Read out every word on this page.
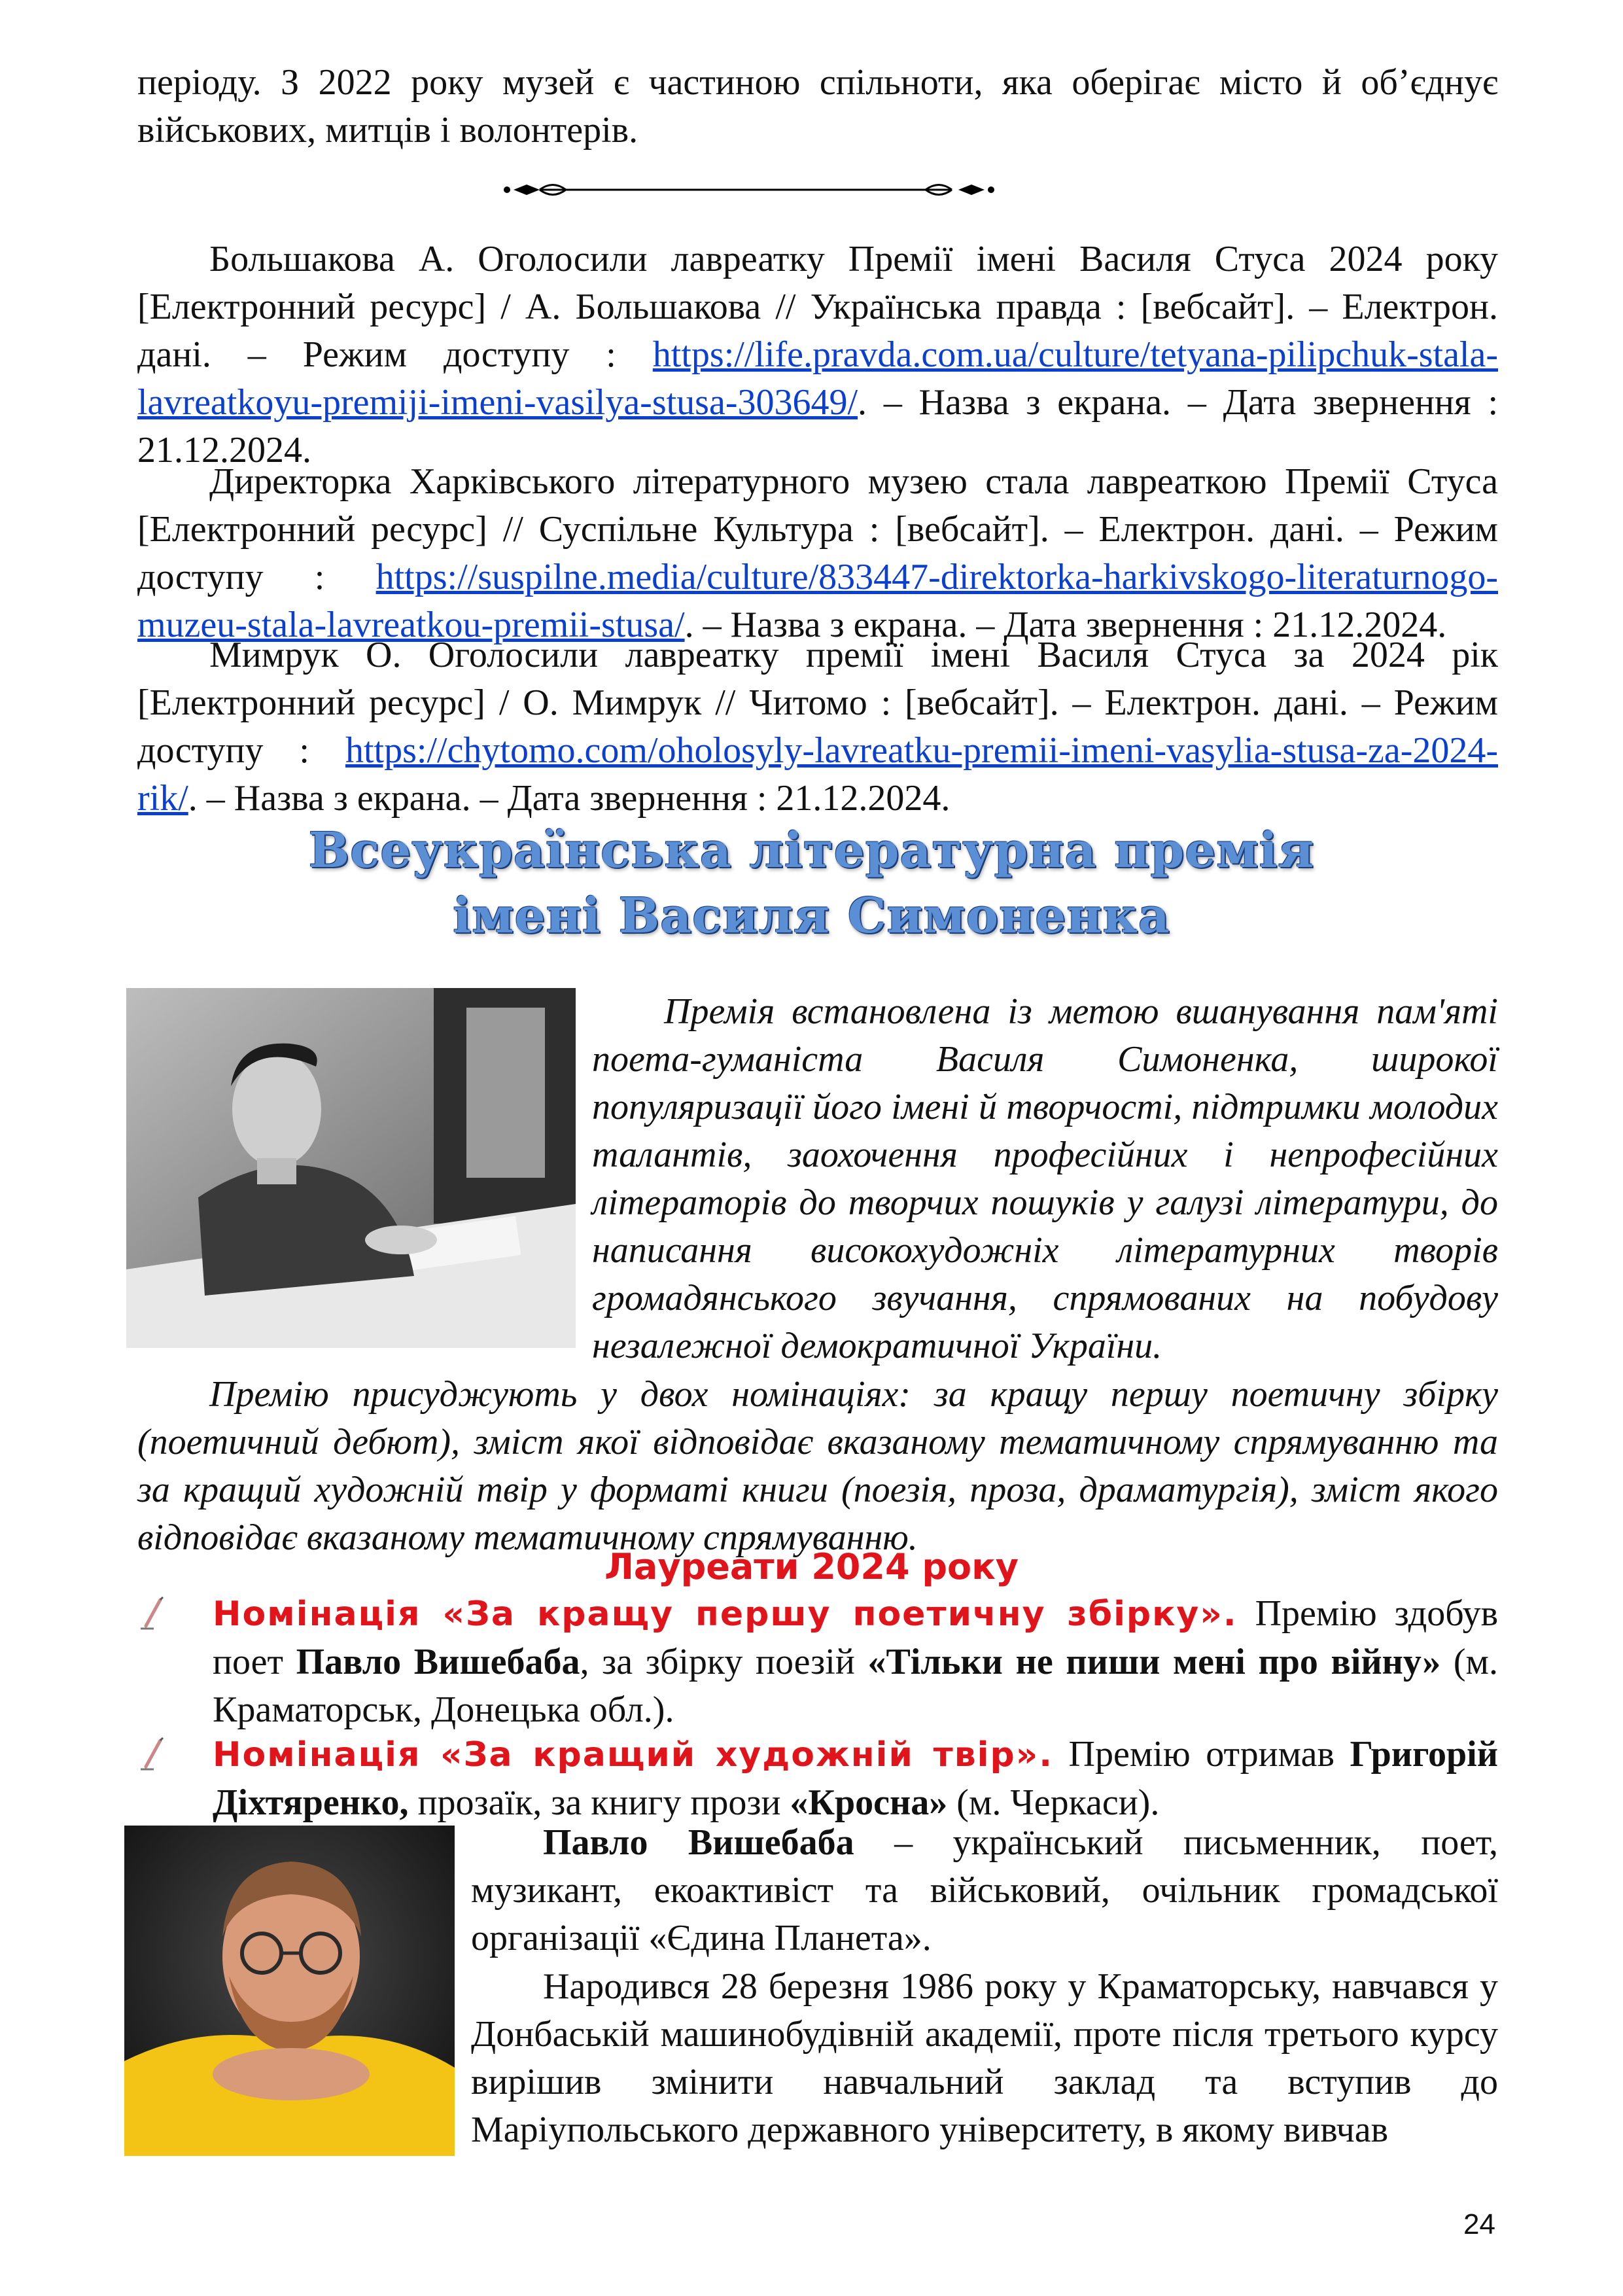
періоду. З 2022 року музей є частиною спільноти, яка оберігає місто й об’єднує військових, митців і волонтерів.
Большакова А. Оголосили лавреатку Премії імені Василя Стуса 2024 року [Електронний ресурс] / А. Большакова // Українська правда : [вебсайт]. – Електрон. дані. – Режим доступу : https://life.pravda.com.ua/culture/tetyana-pilipchuk-stala-lavreatkoyu-premiji-imeni-vasilya-stusa-303649/. – Назва з екрана. – Дата звернення : 21.12.2024.
Директорка Харківського літературного музею стала лавреаткою Премії Стуса [Електронний ресурс] // Суспільне Культура : [вебсайт]. – Електрон. дані. – Режим доступу : https://suspilne.media/culture/833447-direktorka-harkivskogo-literaturnogo-muzeu-stala-lavreatkou-premii-stusa/. – Назва з екрана. – Дата звернення : 21.12.2024.
Мимрук О. Оголосили лавреатку премії імені Василя Стуса за 2024 рік [Електронний ресурс] / О. Мимрук // Читомо : [вебсайт]. – Електрон. дані. – Режим доступу : https://chytomo.com/oholosyly-lavreatku-premii-imeni-vasylia-stusa-za-2024-rik/. – Назва з екрана. – Дата звернення : 21.12.2024.
Всеукраїнська літературна премія
імені Василя Симоненка
Премія встановлена із метою вшанування пам'яті поета-гуманіста Василя Симоненка, широкої популяризації його імені й творчості, підтримки молодих талантів, заохочення професійних і непрофесійних літераторів до творчих пошуків у галузі літератури, до написання високохудожніх літературних творів громадянського звучання, спрямованих на побудову незалежної демократичної України.
Премію присуджують у двох номінаціях: за кращу першу поетичну збірку (поетичний дебют), зміст якої відповідає вказаному тематичному спрямуванню та за кращий художній твір у форматі книги (поезія, проза, драматургія), зміст якого відповідає вказаному тематичному спрямуванню.
Лауреати 2024 року
Номінація «За кращу першу поетичну збірку». Премію здобув поет Павло Вишебаба, за збірку поезій «Тільки не пиши мені про війну» (м. Краматорськ, Донецька обл.).
Номінація «За кращий художній твір». Премію отримав Григорій Діхтяренко, прозаїк, за книгу прози «Кросна» (м. Черкаси).
Павло Вишебаба – український письменник, поет, музикант, екоактивіст та військовий, очільник громадської організації «Єдина Планета».
Народився 28 березня 1986 року у Краматорську, навчався у Донбаській машинобудівній академії, проте після третього курсу вирішив змінити навчальний заклад та вступив до Маріупольського державного університету, в якому вивчав
24
